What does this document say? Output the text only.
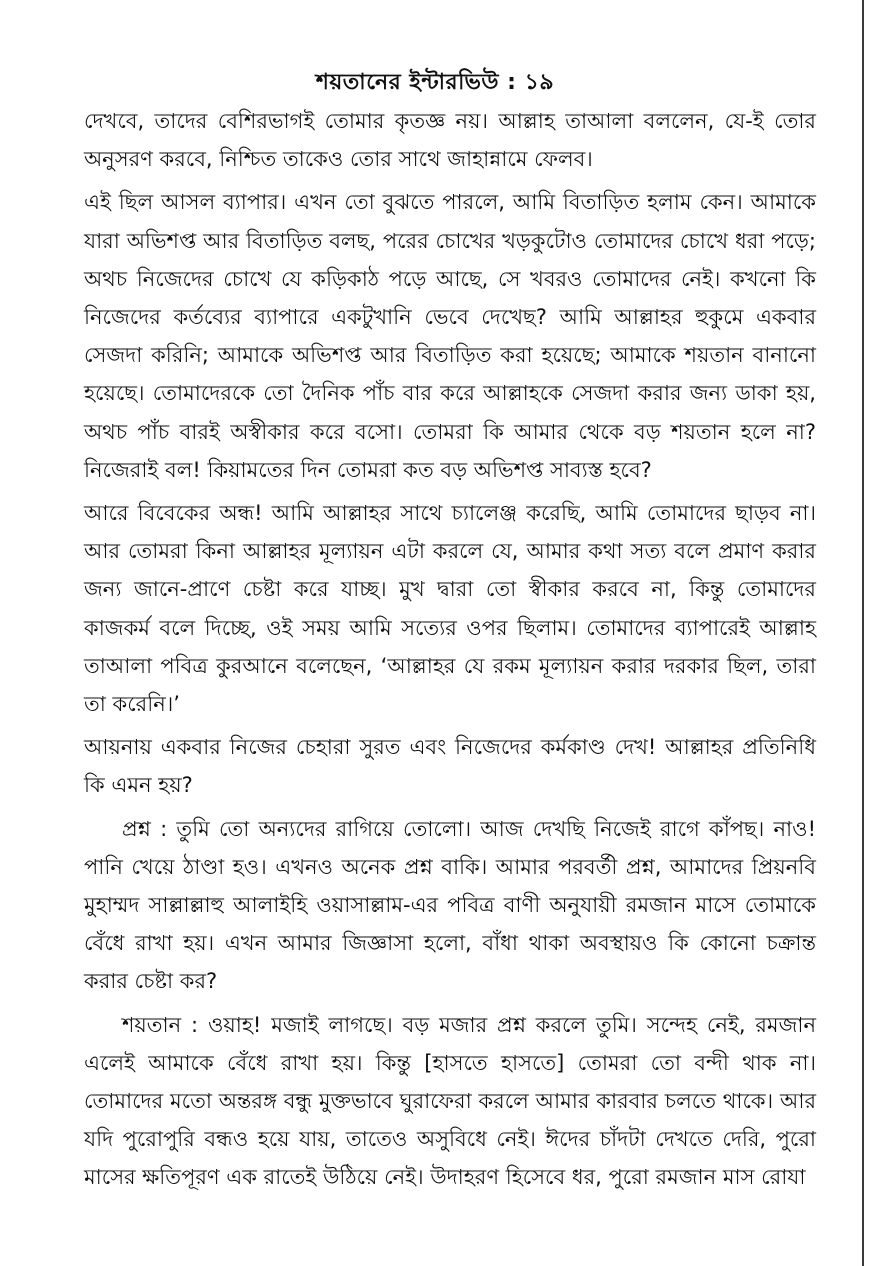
শয়তানের ইন্টারভিউ : ১৯

দেখবে, তাদের বেশিরভাগই তোমার কৃতজ্ঞ নয়। আল্লাহ তাআলা বললেন, যে-ই তোর অনুসরণ করবে, নিশ্চিত তাকেও তোর সাথে জাহান্নামে ফেলব।

এই ছিল আসল ব্যাপার। এখন তো বুঝতে পারলে, আমি বিতাড়িত হলাম কেন। আমাকে যারা অভিশপ্ত আর বিতাড়িত বলছ, পরের চোখের খড়কুটোও তোমাদের চোখে ধরা পড়ে; অথচ নিজেদের চোখে যে কড়িকাঠ পড়ে আছে, সে খবরও তোমাদের নেই। কখনো কি নিজেদের কর্তব্যের ব্যাপারে একটুখানি ভেবে দেখেছ? আমি আল্লাহর হুকুমে একবার সেজদা করিনি; আমাকে অভিশপ্ত আর বিতাড়িত করা হয়েছে; আমাকে শয়তান বানানো হয়েছে। তোমাদেরকে তো দৈনিক পাঁচ বার করে আল্লাহকে সেজদা করার জন্য ডাকা হয়, অথচ পাঁচ বারই অস্বীকার করে বসো। তোমরা কি আমার থেকে বড় শয়তান হলে না? নিজেরাই বল! কিয়ামতের দিন তোমরা কত বড় অভিশপ্ত সাব্যস্ত হবে?

আরে বিবেকের অন্ধ! আমি আল্লাহর সাথে চ্যালেঞ্জ করেছি, আমি তোমাদের ছাড়ব না। আর তোমরা কিনা আল্লাহর মূল্যায়ন এটা করলে যে, আমার কথা সত্য বলে প্রমাণ করার জন্য জানে-প্রাণে চেষ্টা করে যাচ্ছ। মুখ দ্বারা তো স্বীকার করবে না, কিন্তু তোমাদের কাজকর্ম বলে দিচ্ছে, ওই সময় আমি সত্যের ওপর ছিলাম। তোমাদের ব্যাপারেই আল্লাহ তাআলা পবিত্র কুরআনে বলেছেন, ‘আল্লাহর যে রকম মূল্যায়ন করার দরকার ছিল, তারা তা করেনি।’

আয়নায় একবার নিজের চেহারা সুরত এবং নিজেদের কর্মকাণ্ড দেখ! আল্লাহর প্রতিনিধি কি এমন হয়?

প্রশ্ন : তুমি তো অন্যদের রাগিয়ে তোলো। আজ দেখছি নিজেই রাগে কাঁপছ। নাও! পানি খেয়ে ঠাণ্ডা হও। এখনও অনেক প্রশ্ন বাকি। আমার পরবর্তী প্রশ্ন, আমাদের প্রিয়নবি মুহাম্মদ সাল্লাল্লাহু আলাইহি ওয়াসাল্লাম-এর পবিত্র বাণী অনুযায়ী রমজান মাসে তোমাকে বেঁধে রাখা হয়। এখন আমার জিজ্ঞাসা হলো, বাঁধা থাকা অবস্থায়ও কি কোনো চক্রান্ত করার চেষ্টা কর?

শয়তান : ওয়াহ! মজাই লাগছে। বড় মজার প্রশ্ন করলে তুমি। সন্দেহ নেই, রমজান এলেই আমাকে বেঁধে রাখা হয়। কিন্তু [হাসতে হাসতে] তোমরা তো বন্দী থাক না। তোমাদের মতো অন্তরঙ্গ বন্ধু মুক্তভাবে ঘুরাফেরা করলে আমার কারবার চলতে থাকে। আর যদি পুরোপুরি বন্ধও হয়ে যায়, তাতেও অসুবিধে নেই। ঈদের চাঁদটা দেখতে দেরি, পুরো মাসের ক্ষতিপূরণ এক রাতেই উঠিয়ে নেই। উদাহরণ হিসেবে ধর, পুরো রমজান মাস রোযা
